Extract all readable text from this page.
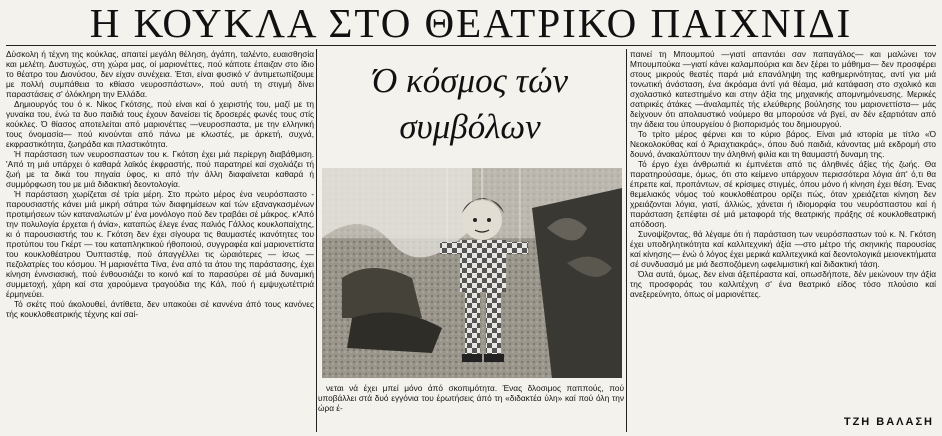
Η ΚΟΥΚΛΑ ΣΤΟ ΘΕΑΤΡΙΚΟ ΠΑΙΧΝΙΔΙ

Δύσκολη ή τέχνη της κούκλας, απαιτεί μεγάλη θέληση, άγάπη, ταλέντο, ευαισθησία και μελέτη. Δυστυχώς, στη χώρα μας, οί μαριονέττες, πού κάποτε έπαιζαν στο ίδιο το θέατρο του Διονύσου, δεν είχαν συνέχεια. Έτσι, είναι φυσικό ν' άντιμετωπίζουμε με πολλή συμπάθεια το κθίασο νευροσπάστων», πού αυτή τη στιγμή δίνει παραστάσεις σ' όλόκληρη την Ελλάδα.

Δημιουργός του ό κ. Νίκος Γκότσης, πού είναι καί ό χειριστής του, μαζί με τη γυναίκα του, ένώ τα δυο παιδιά τους έχουν δανείσει τίς δροσερές φωνές τους στίς κούκλες. Ό θίασος αποτελείται από μαριονέττες —νευροσπαστα, με την ελληνική τους όνομασία— πού κινούνται από πάνω με κλωστές, με άρκετή, συχνά, εκφραστικότητα, ζωηράδα και πλαστικότητα.

Ή παράσταση των νευροσπαστων του κ. Γκότση έχει μιά περίεργη διαβάθμιση. 'Από τη μιά υπάρχει ό καθαρά λαϊκός έκφραστής, πού παρατηρεί καί σχολιάζει τή ζωή με τα δικά του πηγαία ύφος, κι από τήν άλλη διαφαίνεται καθαρά ή συμμόρφωση του με μιά διδακτική δεοντολογία.

Ή παράσταση χωρίζεται σέ τρία μέρη. Στο πρώτο μέρος ένα νευρόσπαστο - παρουσιαστής κάνει μιά μικρή σάτιρα τών διαφημίσεων καί τών εξαναγκασμένων προτιμήσεων τών καταναλωτών μ' ένα μονόλογο πού δεν τραβάει σέ μάκρος. κ'Από την πολυλογία έρχεται ή άνία», καταπώς έλεγε ένας παλιός Γάλλος κουκλοπαίχτης, κι ό παρουσιαστής του κ. Γκότση δεν έχει σίγουρα τις θαυμαστές ικανότητες του προτύπου του Γκέρτ — του καταπληκτικού ήθοποιού, συγγραφέα καί μαριονεττίστα του κουκλοθέατρου Όυπταστέφ, πού άπαγγέλλει τις ώραιότερες — ίσως — πεζολατρίες του κόσμου. Ή μαριονέττα Τίνα, ένα από τα άτου της παράστασης, έχει κίνηση ένινσιασική, πού ένθουσιάζει το κοινό καί το παρασύρει σέ μιά δυναμική συμμετοχή, χάρη καί στα χαρούμενα τραγούδια της Κάλ, πού ή εμψυχωτέττριά έρμηνεύει.

Τό σκέτς πού άκολουθεί, άντίθετα, δεν υπακούει σέ καννένα άπό τους κανόνες τής κουκλοθεατρικής τέχνης καί σαί-

Ό κόσμος τών
συμβόλων

νεται νά έχει μπεί μόνο άπό σκοπιμότητα. Ένας δλοσιμος παππούς, πού υποβάλλει στά δυό εγγόνια του έρωτήσεις άπό τη «διδακτέα ύλη» καί πού όλη την ώρα έ-

παινεί τη Μπουμπού —γιατί απαντάει σαν παπαγάλος— και μαλώνει τον Μπουμπούκα —γιατί κάνει καλαμπούρια και δεν ξέρει το μάθημα— δεν προσφέρει στους μικρούς θεατές παρά μιά επανάληψη της καθημερινότητας, αντί για μιά τονωτική άνάσταση, ένα άκρόαμα άντί γιά θέαμα, μιά κατάφαση στο σχολικό και σχολαστικό κατεστημένο και στην άξία της μηχανικής απομνημόνευσης. Μερικές σατιρικές άτάκες —άναλαμπές τής ελεύθερης βούλησης του μαριονεττίστα— μάς δείχνουν ότι απολαυστικό νούμερο θα μπορούσε νά βγεί, αν δέν εξαρτιόταν από την άδεια του ύπουργείου ό βιοπορισμός του δημιουργού.

Το τρίτο μέρος φέρνει και το κύριο βάρος. Είναι μιά ιστορία με τίτλο «Ό Νεοκολοκύθας καί ό Άριαχτιακράς», όπου δυό παιδιά, κάνοντας μιά εκδρομή στο δουνό, άνακαλύπτουν την άληθινή φιλία και τη θαυμαστή δυναμη της.

Τό έργο έχει άνθρωπιά κι έμπνέεται από τις άληθινές άξίες τής ζωής. Θα παρατηρούσαμε, όμως, ότι στο κείμενο υπάρχουν περισσότερα λόγια άπ' ό,τι θα έπρεπε καί, προπάντων, σέ κρίσιμες στιγμές, όπου μόνο ή κίνηση έχει θέση. Ένας θεμελιακός νόμος τού κουκλοθέατρου ορίζει πώς, όταν χρειάζεται κίνηση δεν χρειάζονται λόγια, γιατί, άλλιώς, χάνεται ή ιδιομορφία του νευρόσπαστου καί ή παράσταση ξεπέφτει σέ μιά μεταφορά τής θεατρικής πράξης σέ κουκλοθεατρική απόδοση.

Συνοψίζοντας, θά λέγαμε ότι ή παράσταση των νευρόσπαστων τού κ. Ν. Γκότση έχει υποδηλητικότητα καί καλλιτεχνική άξία —στο μέτρο τής σκηνικής παρουσίας καί κίνησης— ένώ ό λόγος έχει μερικά καλλιτεχνικά καί δεοντολογικά μειονεκτήματα σέ συνδυασμό με μιά δεσποζόμενη ωφελιμιστική καί διδακτική τάση.

Όλα αυτά, όμως, δεν είναι άξεπέραστα καί, οπωσδήποτε, δέν μειώνουν την άξία της προσφοράς του καλλιτέχνη σ' ένα θεατρικό είδος τόσο πλούσιο καί ανεξερεύνητο, όπως οί μαριονέττες.

ΤΖΗ ΒΑΛΑΣΗ
